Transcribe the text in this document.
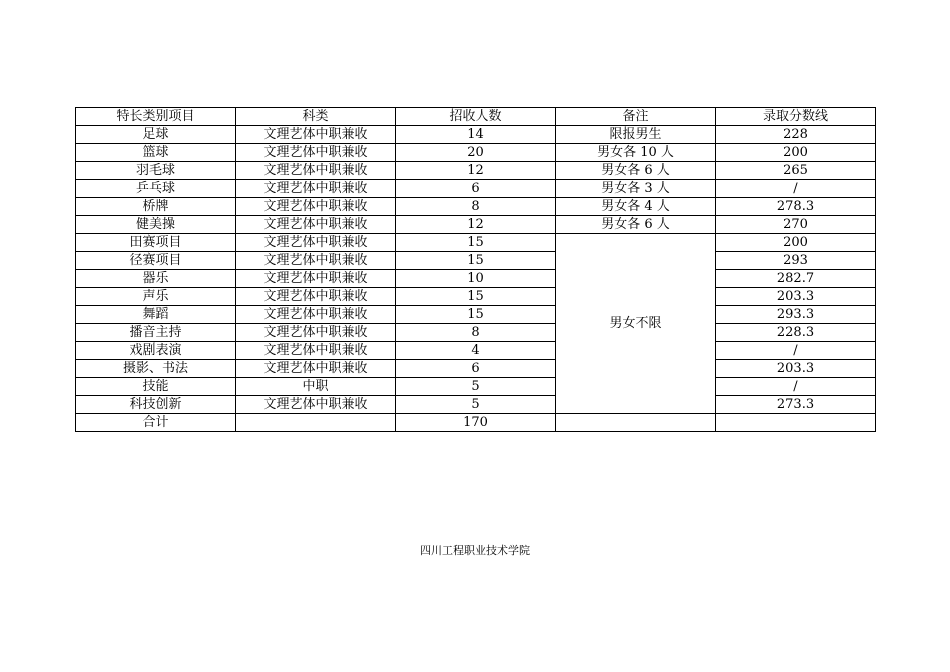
特长类别项目	科类	招收人数	备注	录取分数线
足球	文理艺体中职兼收	14	限报男生	228
篮球	文理艺体中职兼收	20	男女各 10 人	200
羽毛球	文理艺体中职兼收	12	男女各 6 人	265
乒乓球	文理艺体中职兼收	6	男女各 3 人	/
桥牌	文理艺体中职兼收	8	男女各 4 人	278.3
健美操	文理艺体中职兼收	12	男女各 6 人	270
田赛项目	文理艺体中职兼收	15	男女不限	200
径赛项目	文理艺体中职兼收	15		293
器乐	文理艺体中职兼收	10		282.7
声乐	文理艺体中职兼收	15		203.3
舞蹈	文理艺体中职兼收	15		293.3
播音主持	文理艺体中职兼收	8		228.3
戏剧表演	文理艺体中职兼收	4		/
摄影、书法	文理艺体中职兼收	6		203.3
技能	中职	5		/
科技创新	文理艺体中职兼收	5		273.3
合计		170		
四川工程职业技术学院
